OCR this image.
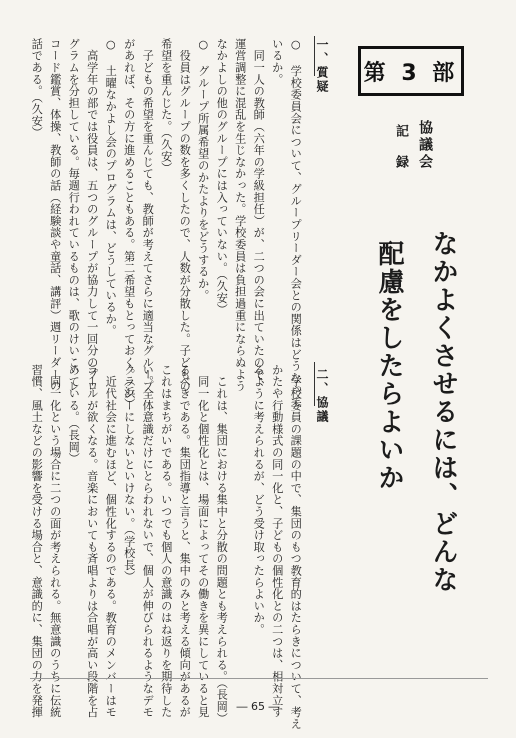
第 3 部
協議会
記録
なかよくさせるには、どんな
配慮をしたらよいか
一、質疑
○ 学校委員会について、グループリーダー会との関係はどうなって
いるか。
　同一人の教師（六年の学級担任）が、二つの会に出ていたので、
運営調整に混乱を生じなかった。学校委員は負担過重にならぬよう
なかよしの他のグループには入っていない。（久安）
○ グループ所属希望のかたよりをどうするか。
　役員はグループの数を多くしたので、人数が分散した。子どもの
希望を重んじた。（久安）
　子どもの希望を重んじても、教師が考えてさらに適当なグループ
があれば、その方に進めることもある。第二希望もとっておく。（浜）
○ 土曜なかよし会のプログラムは、どうしているか。
　高学年の部では役員は、五つのグループが協力して一回分のプロ
グラムを分担している。毎週行われているものは、歌のけいこ、レ
コード鑑賞、体操、教師の話（経験談や童話、講評）週リーダーの
話である。（久安）
二、協議
　学校委員の課題の中で、集団のもつ教育的はたらきについて、考え
かたや行動様式の同一化と、子どもの個性化との二つは、相対立す
るように考えられるが、どう受け取ったらよいか。
　これは、集団における集中と分散の問題とも考えられる。（長岡）
　同一化と個性化とは、場面によってその働きを異にしていると見
るべきである。集団指導と言うと、集中のみと考える傾向があるが
これはまちがいである。いつでも個人の意識のはね返りを期待した
い。全体意識だけにとらわれないで、個人が伸びられるようなデモ
クラシーにしないといけない。（学校長）
　近代社会に進むほど、個性化するのである。教育のメンバーはモ
ラールが欲くなる。音楽においても斉唱よりは合唱が高い段階を占
めている。（長岡）
　同一化という場合に二つの面が考えられる。無意識のうちに伝統
習慣、風土などの影響を受ける場合と、意識的に、集団の力を発揮	― 65 ―
